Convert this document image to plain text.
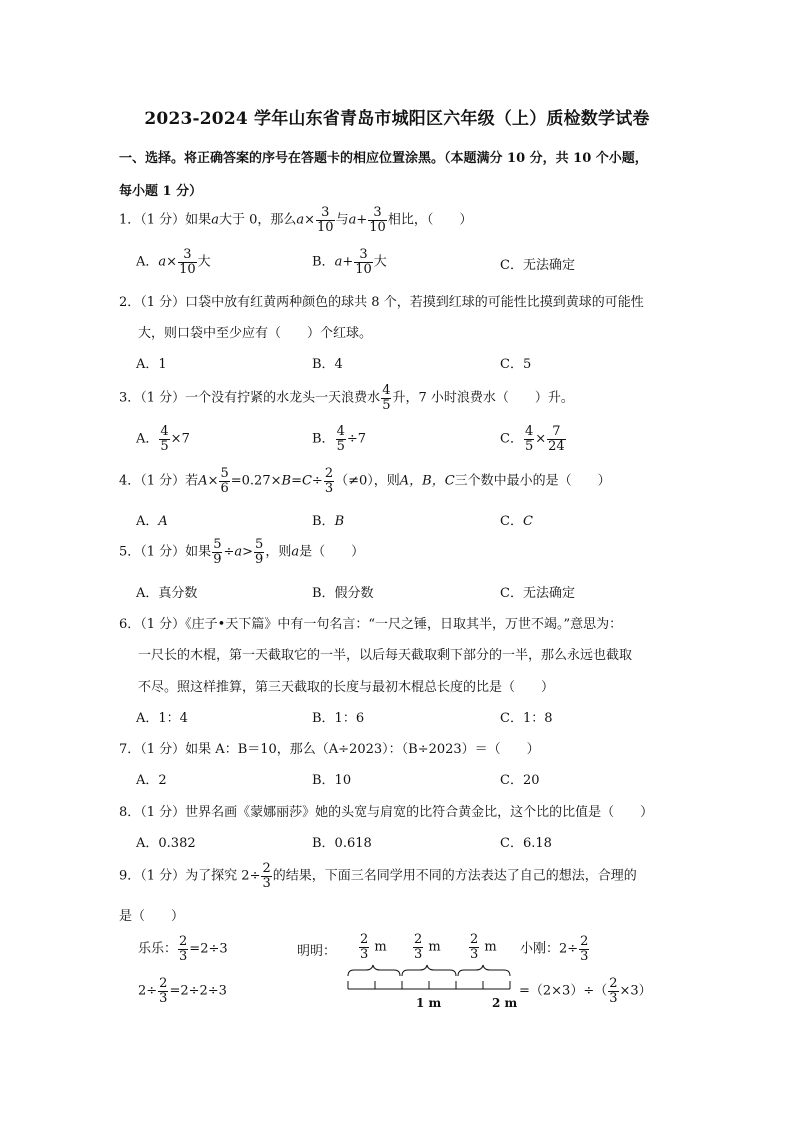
2023-2024 学年山东省青岛市城阳区六年级（上）质检数学试卷
一、选择。将正确答案的序号在答题卡的相应位置涂黑。（本题满分 10 分，共 10 个小题，
每小题 1 分）
1．（1 分）如果a大于 0，那么$a\times \frac{3}{10}$ 与$a+ \frac{3}{10}$ 相比，（　　）
A．$a\times \frac{3}{10}$ 大	B．$a+ \frac{3}{10}$ 大	C．无法确定
2．（1 分）口袋中放有红黄两种颜色的球共 8 个，若摸到红球的可能性比摸到黄球的可能性
大，则口袋中至少应有（　　）个红球。
A．1	B．4	C．5
3．（1 分）一个没有拧紧的水龙头一天浪费水 $\frac{4}{5}$ 升，7 小时浪费水（　　）升。
A． $\frac{4}{5} \times 7$	B． $\frac{4}{5} \div 7$	C． $\frac{4}{5} \times \frac{7}{24}$
4．（1 分）若$A\times \frac{5}{6} =0.27\times B=C\div \frac{2}{3} (\ne 0)$，则A，B，C三个数中最小的是（　　）
A．A	B．B	C．C
5．（1 分）如果 $\frac{5}{9} \div a> \frac{5}{9}$ ，则a是（　　）
A．真分数	B．假分数	C．无法确定
6．（1 分）《庄子•天下篇》中有一句名言：“一尺之锤，日取其半，万世不竭。”意思为：
一尺长的木棍，第一天截取它的一半，以后每天截取剩下部分的一半，那么永远也截取
不尽。照这样推算，第三天截取的长度与最初木棍总长度的比是（　　）
A．1：4	B．1：6	C．1：8
7．（1 分）如果 A：B＝10，那么（A÷2023）：（B÷2023）＝（　　）
A．2	B．10	C．20
8．（1 分）世界名画《蒙娜丽莎》她的头宽与肩宽的比符合黄金比，这个比的比值是（　　）
A．0.382	B．0.618	C．6.18
9．（1 分）为了探究 $2\div \frac{2}{3}$ 的结果，下面三名同学用不同的方法表达了自己的想法，合理的
是（　　）
乐乐： $\frac{2}{3} =2\div 3$
$2\div \frac{2}{3} =2\div 2\div 3$
明明： $\frac{2}{3}$ m $\frac{2}{3}$ m $\frac{2}{3}$ m
1 m	2 m
小刚：$2\div \frac{2}{3}$
$=(2\times 3)\div( \frac{2}{3} \times 3)$
